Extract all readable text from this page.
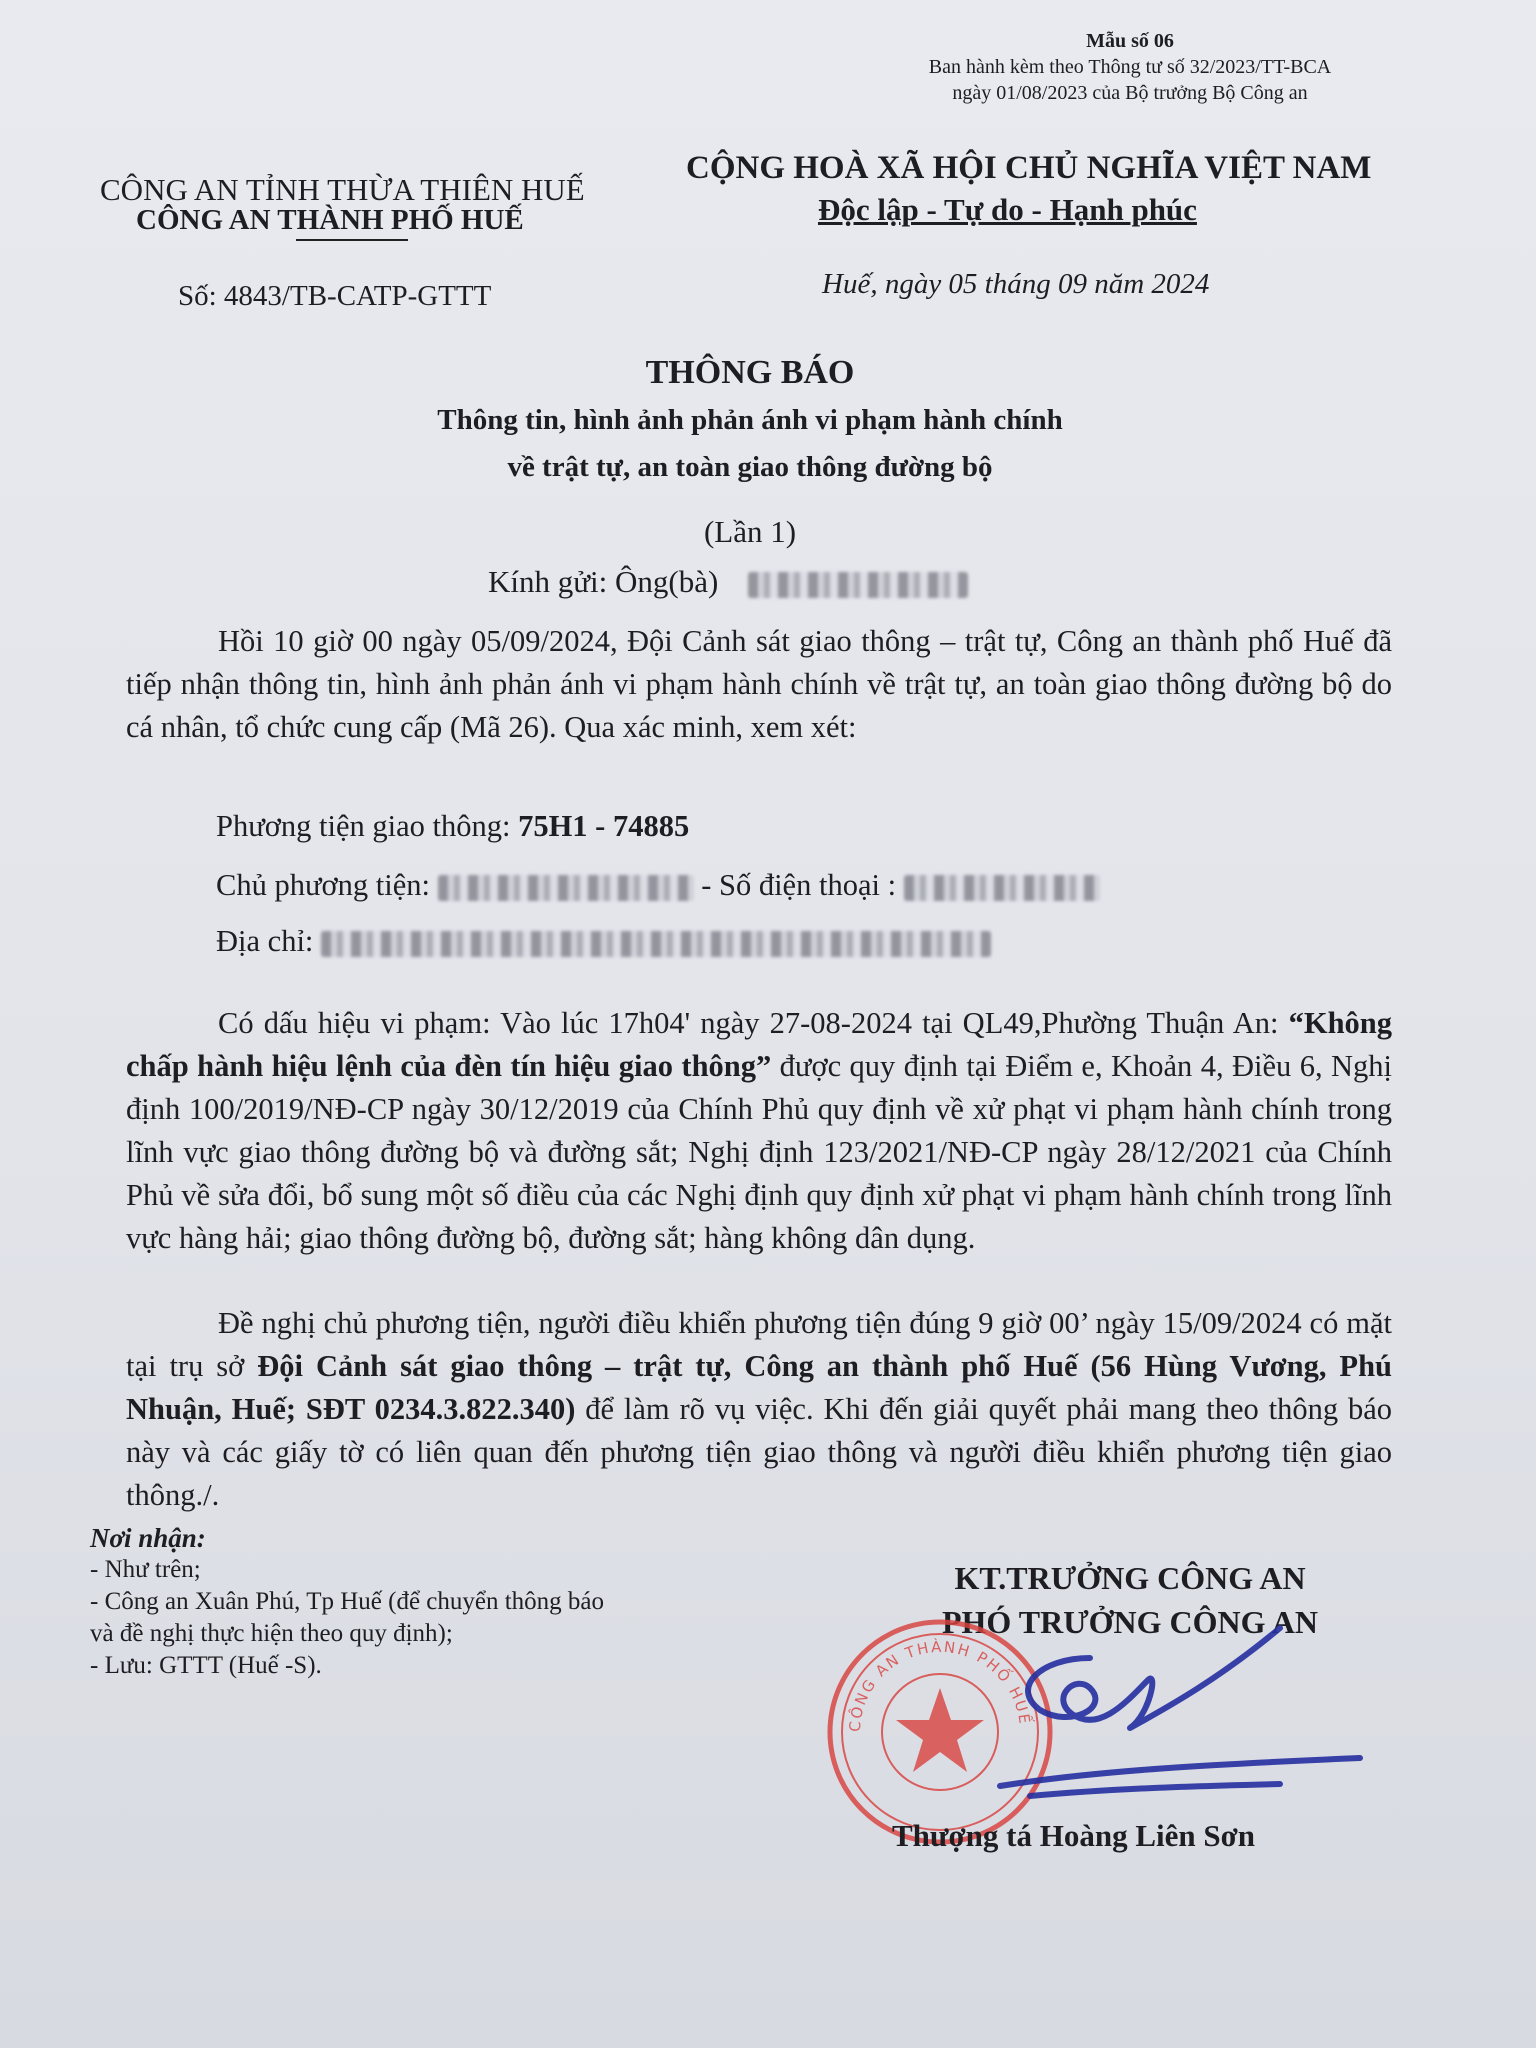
Mẫu số 06
Ban hành kèm theo Thông tư số 32/2023/TT-BCA
ngày 01/08/2023 của Bộ trưởng Bộ Công an
CÔNG AN TỈNH THỪA THIÊN HUẾ
CÔNG AN THÀNH PHỐ HUẾ
CỘNG HOÀ XÃ HỘI CHỦ NGHĨA VIỆT NAM
Độc lập - Tự do - Hạnh phúc
Số: 4843/TB-CATP-GTTT	Huế, ngày 05 tháng 09 năm 2024
THÔNG BÁO
Thông tin, hình ảnh phản ánh vi phạm hành chính
về trật tự, an toàn giao thông đường bộ
(Lần 1)
Kính gửi: Ông(bà)
Hồi 10 giờ 00 ngày 05/09/2024, Đội Cảnh sát giao thông – trật tự, Công an thành phố Huế đã tiếp nhận thông tin, hình ảnh phản ánh vi phạm hành chính về trật tự, an toàn giao thông đường bộ do cá nhân, tổ chức cung cấp (Mã 26). Qua xác minh, xem xét:
Phương tiện giao thông: 75H1 - 74885
Chủ phương tiện:	- Số điện thoại :
Địa chỉ:
Có dấu hiệu vi phạm: Vào lúc 17h04' ngày 27-08-2024 tại QL49,Phường Thuận An: “Không chấp hành hiệu lệnh của đèn tín hiệu giao thông” được quy định tại Điểm e, Khoản 4, Điều 6, Nghị định 100/2019/NĐ-CP ngày 30/12/2019 của Chính Phủ quy định về xử phạt vi phạm hành chính trong lĩnh vực giao thông đường bộ và đường sắt; Nghị định 123/2021/NĐ-CP ngày 28/12/2021 của Chính Phủ về sửa đổi, bổ sung một số điều của các Nghị định quy định xử phạt vi phạm hành chính trong lĩnh vực hàng hải; giao thông đường bộ, đường sắt; hàng không dân dụng.
Đề nghị chủ phương tiện, người điều khiển phương tiện đúng 9 giờ 00’ ngày 15/09/2024 có mặt tại trụ sở Đội Cảnh sát giao thông – trật tự, Công an thành phố Huế (56 Hùng Vương, Phú Nhuận, Huế; SĐT 0234.3.822.340) để làm rõ vụ việc. Khi đến giải quyết phải mang theo thông báo này và các giấy tờ có liên quan đến phương tiện giao thông và người điều khiển phương tiện giao thông./.
Nơi nhận:
- Như trên;
- Công an Xuân Phú, Tp Huế (để chuyển thông báo
và đề nghị thực hiện theo quy định);
- Lưu: GTTT (Huế -S).
KT.TRƯỞNG CÔNG AN
PHÓ TRƯỞNG CÔNG AN
CÔNG AN THÀNH PHỐ HUẾ
Thượng tá Hoàng Liên Sơn
